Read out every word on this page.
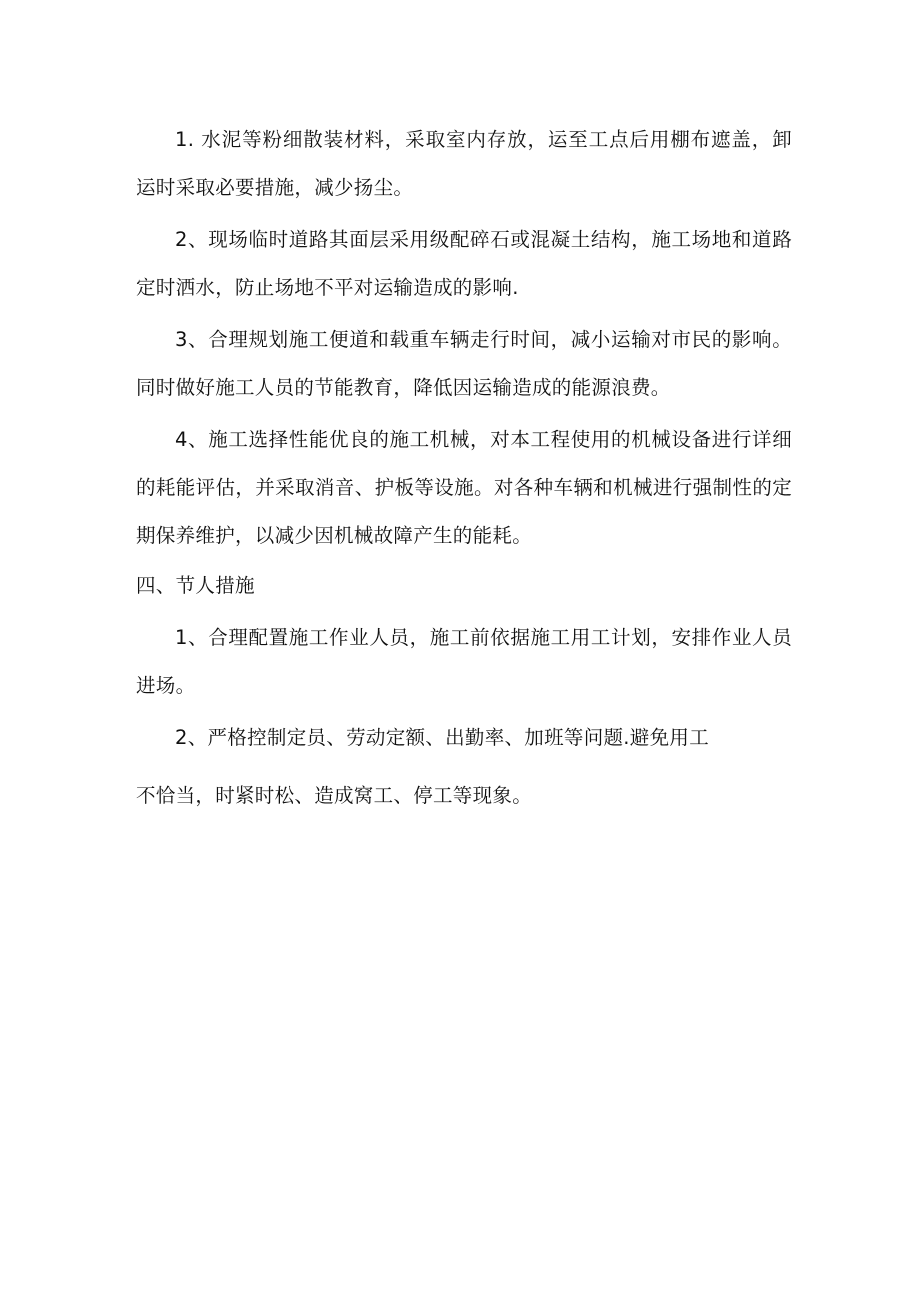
1. 水泥等粉细散装材料，采取室内存放，运至工点后用棚布遮盖，卸运时采取必要措施，减少扬尘。

2、现场临时道路其面层采用级配碎石或混凝土结构，施工场地和道路定时洒水，防止场地不平对运输造成的影响.

3、合理规划施工便道和载重车辆走行时间，减小运输对市民的影响。同时做好施工人员的节能教育，降低因运输造成的能源浪费。

4、施工选择性能优良的施工机械，对本工程使用的机械设备进行详细的耗能评估，并采取消音、护板等设施。对各种车辆和机械进行强制性的定期保养维护，以减少因机械故障产生的能耗。

四、节人措施

1、合理配置施工作业人员，施工前依据施工用工计划，安排作业人员进场。

2、严格控制定员、劳动定额、出勤率、加班等问题.避免用工

不恰当，时紧时松、造成窝工、停工等现象。
